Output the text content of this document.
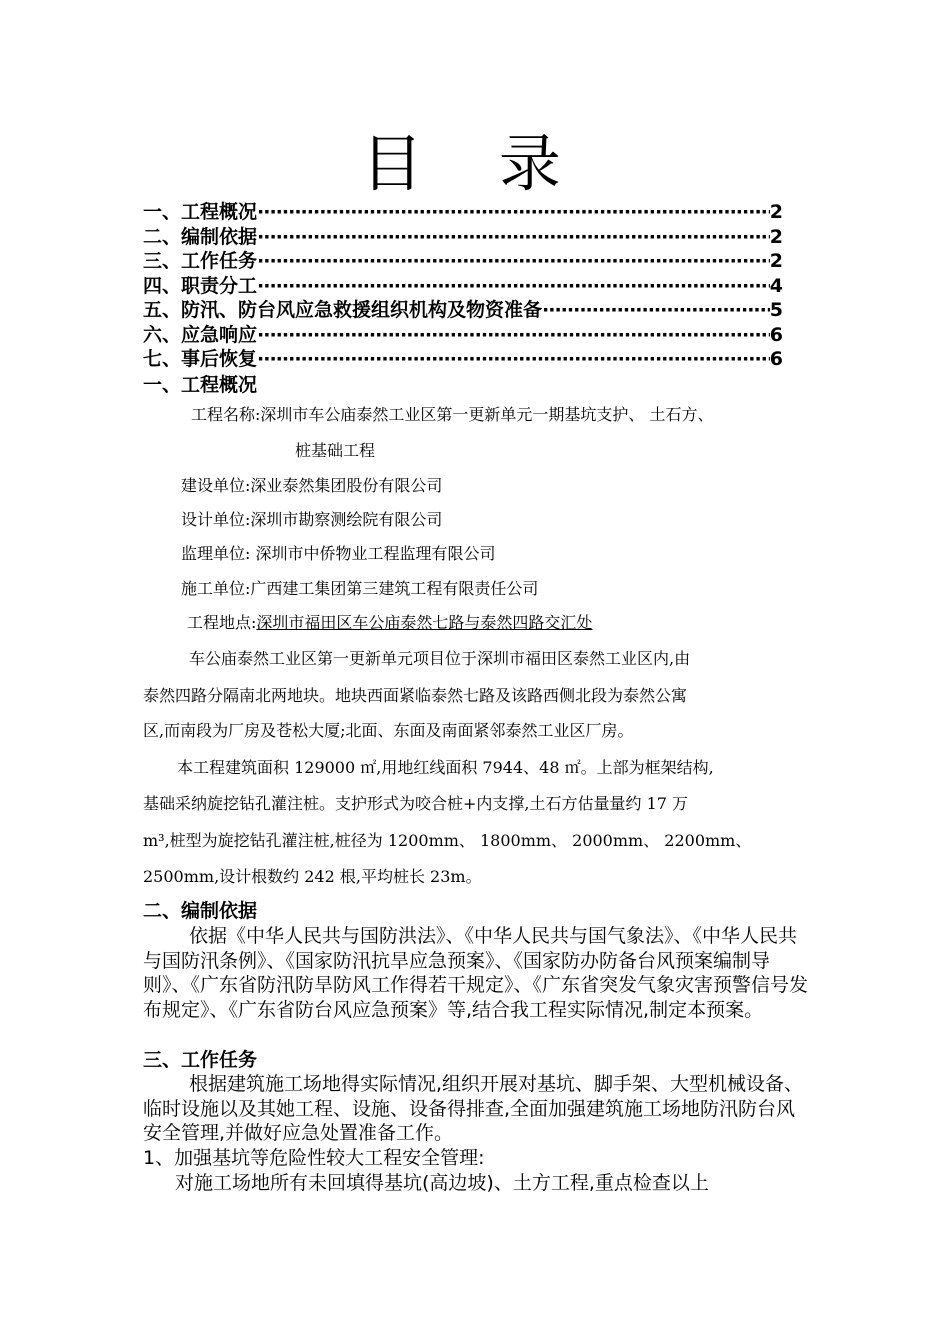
目 录
一、工程概况 ·····	2
二、编制依据 ·····	2
三、工作任务 ·····	2
四、职责分工 ·····	4
五、防汛、防台风应急救援组织机构及物资准备 ·····	5
六、应急响应 ·····	6
七、事后恢复 ·····	6
一、工程概况
工程名称:深圳市车公庙泰然工业区第一更新单元一期基坑支护、 土石方、
桩基础工程
建设单位:深业泰然集团股份有限公司
设计单位:深圳市勘察测绘院有限公司
监理单位: 深圳市中侨物业工程监理有限公司
施工单位:广西建工集团第三建筑工程有限责任公司
工程地点:深圳市福田区车公庙泰然七路与泰然四路交汇处
车公庙泰然工业区第一更新单元项目位于深圳市福田区泰然工业区内,由
泰然四路分隔南北两地块。地块西面紧临泰然七路及该路西侧北段为泰然公寓
区,而南段为厂房及苍松大厦;北面、东面及南面紧邻泰然工业区厂房。
本工程建筑面积 129000 ㎡,用地红线面积 7944、48 ㎡。上部为框架结构,
基础采纳旋挖钻孔灌注桩。支护形式为咬合桩+内支撑,土石方估量量约 17 万
m³,桩型为旋挖钻孔灌注桩,桩径为 1200mm、 1800mm、 2000mm、 2200mm、
2500mm,设计根数约 242 根,平均桩长 23m。
二、编制依据

依据《中华人民共与国防洪法》、《中华人民共与国气象法》、《中华人民共与国防汛条例》、《国家防汛抗旱应急预案》、《国家防办防备台风预案编制导则》、《广东省防汛防旱防风工作得若干规定》、《广东省突发气象灾害预警信号发布规定》、《广东省防台风应急预案》等,结合我工程实际情况,制定本预案。

三、工作任务

根据建筑施工场地得实际情况,组织开展对基坑、脚手架、大型机械设备、临时设施以及其她工程、设施、设备得排查,全面加强建筑施工场地防汛防台风安全管理,并做好应急处置准备工作。

1、加强基坑等危险性较大工程安全管理:

对施工场地所有未回填得基坑(高边坡)、土方工程,重点检查以上
